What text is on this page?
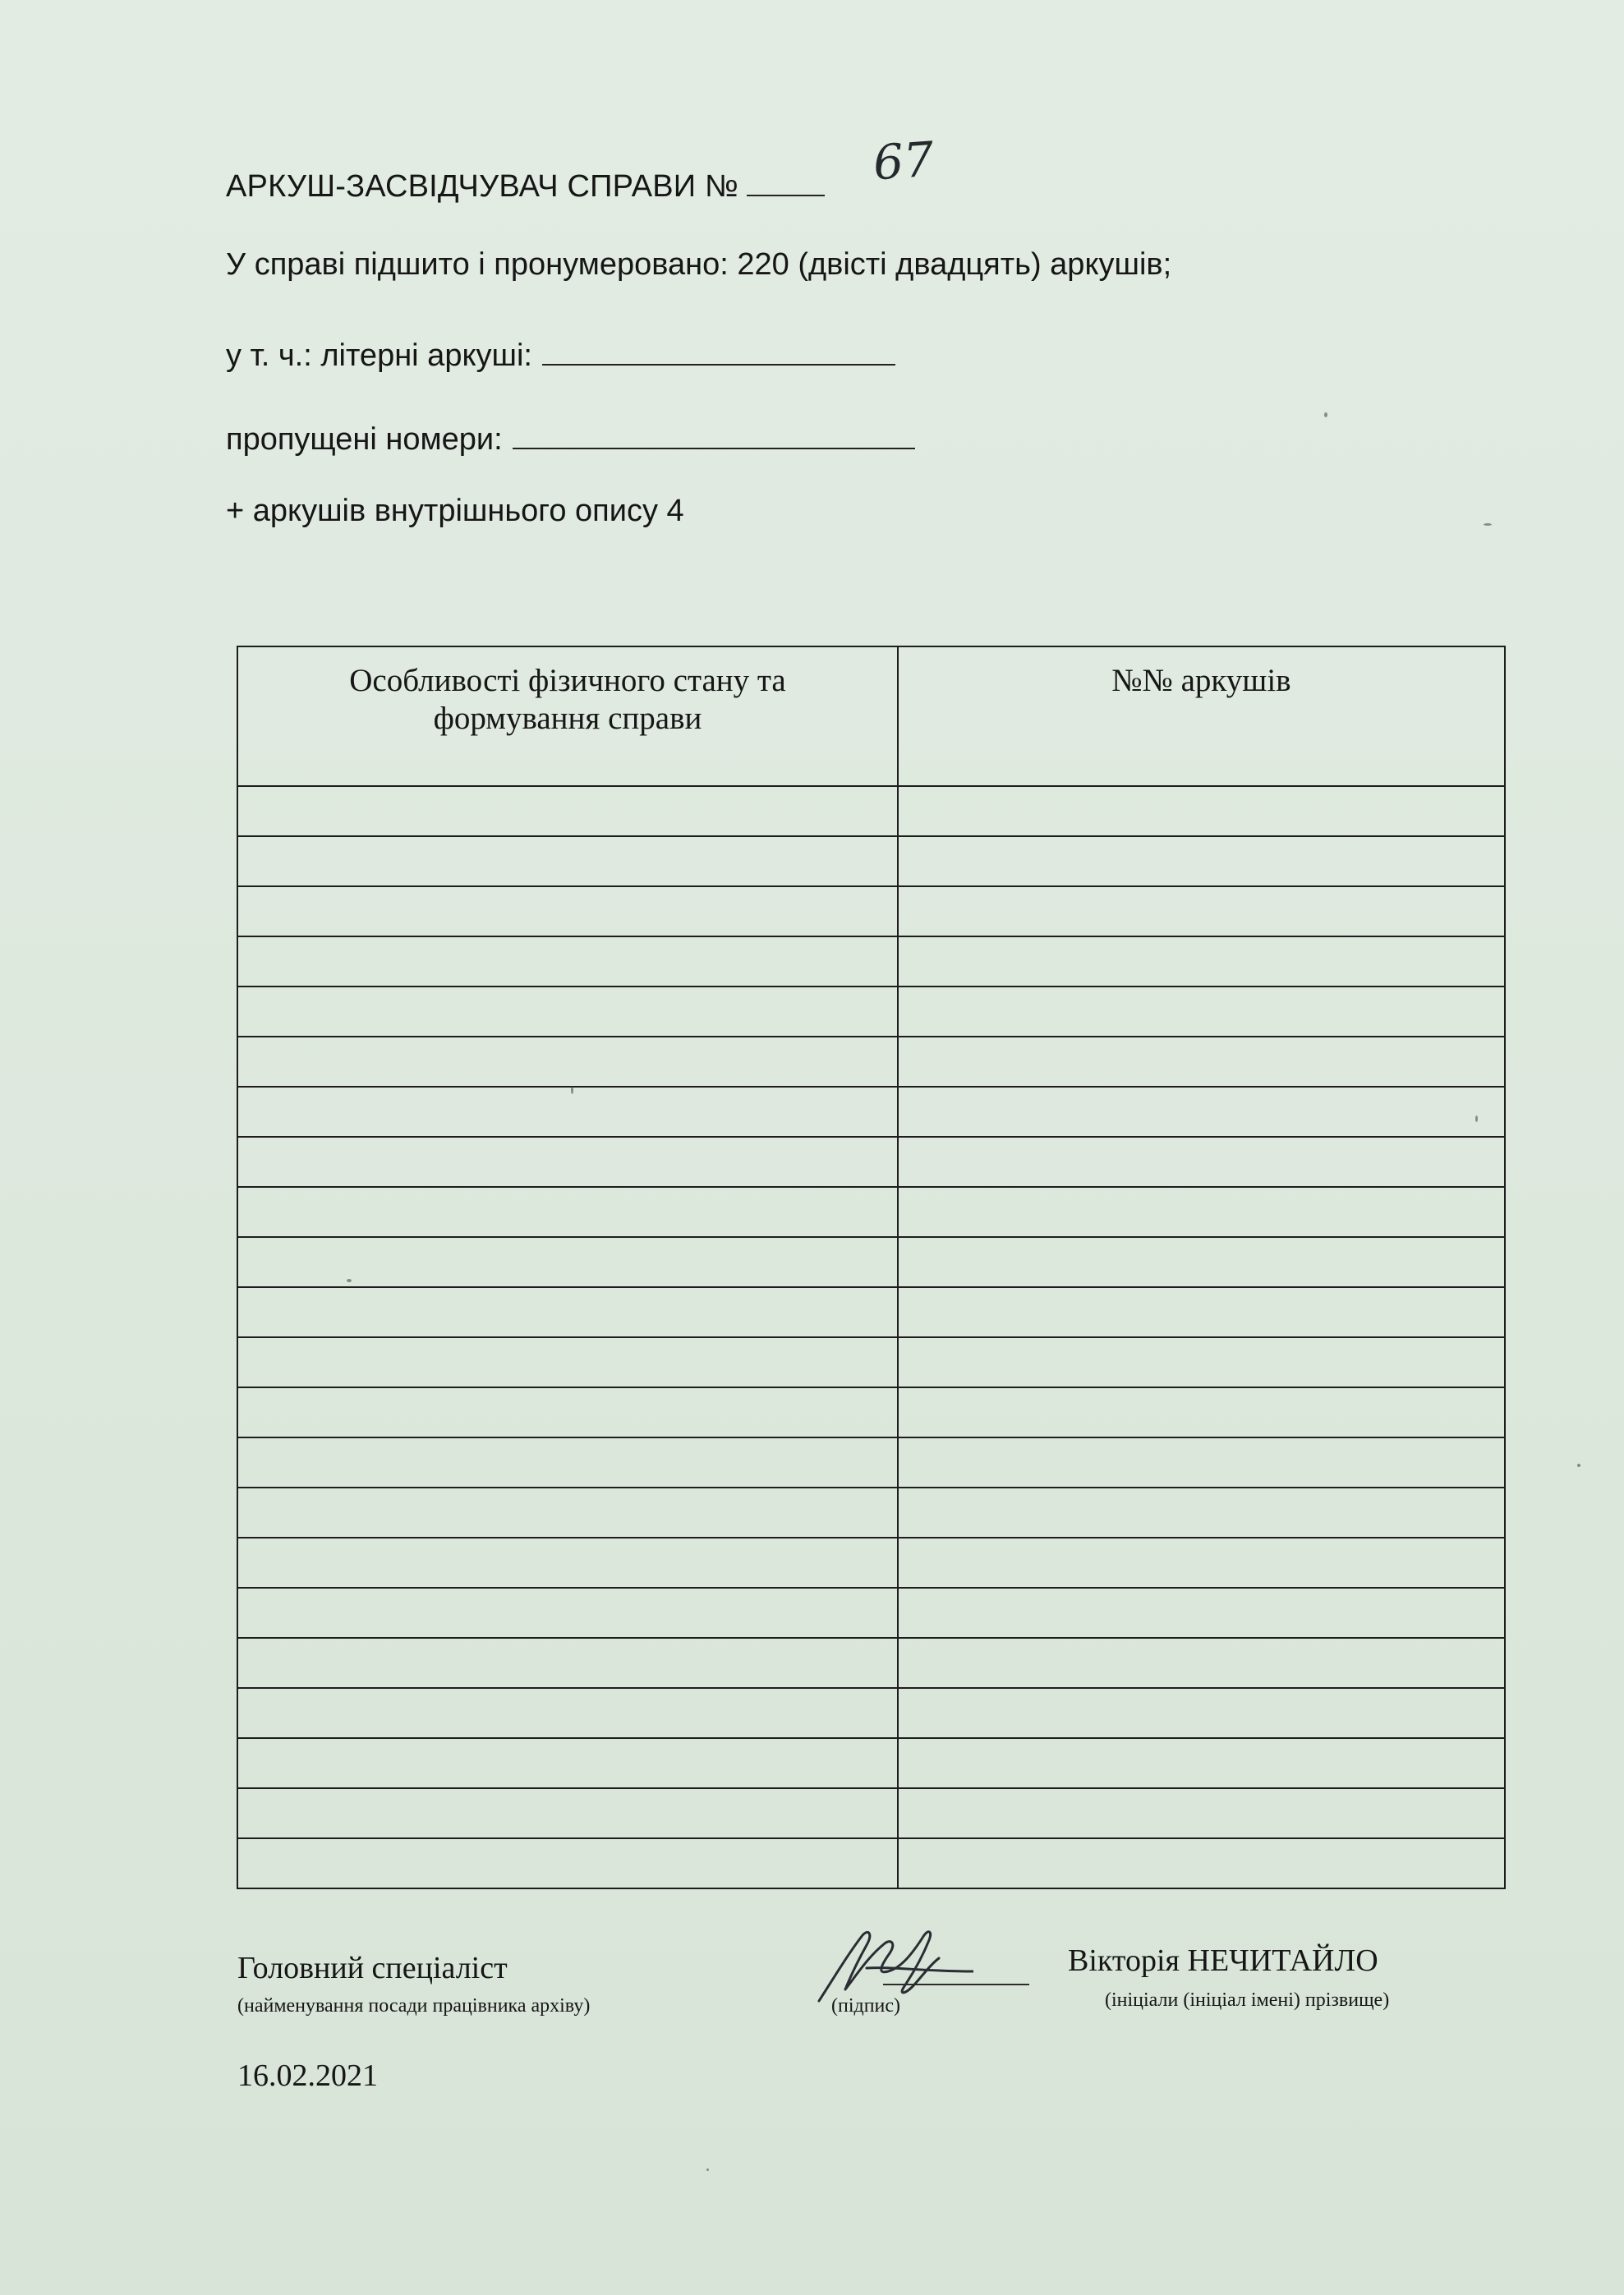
АРКУШ-ЗАСВІДЧУВАЧ СПРАВИ №	67
У справі підшито і пронумеровано: 220 (двісті двадцять) аркушів;
у т. ч.: літерні аркуші:
пропущені номери:
+ аркушів внутрішнього опису 4
Особливості фізичного стану та
формування справи	№№ аркушів

Головний спеціаліст
(найменування посади працівника архіву)	(підпис)
Вікторія НЕЧИТАЙЛО
(ініціали (ініціал імені) прізвище)
16.02.2021
